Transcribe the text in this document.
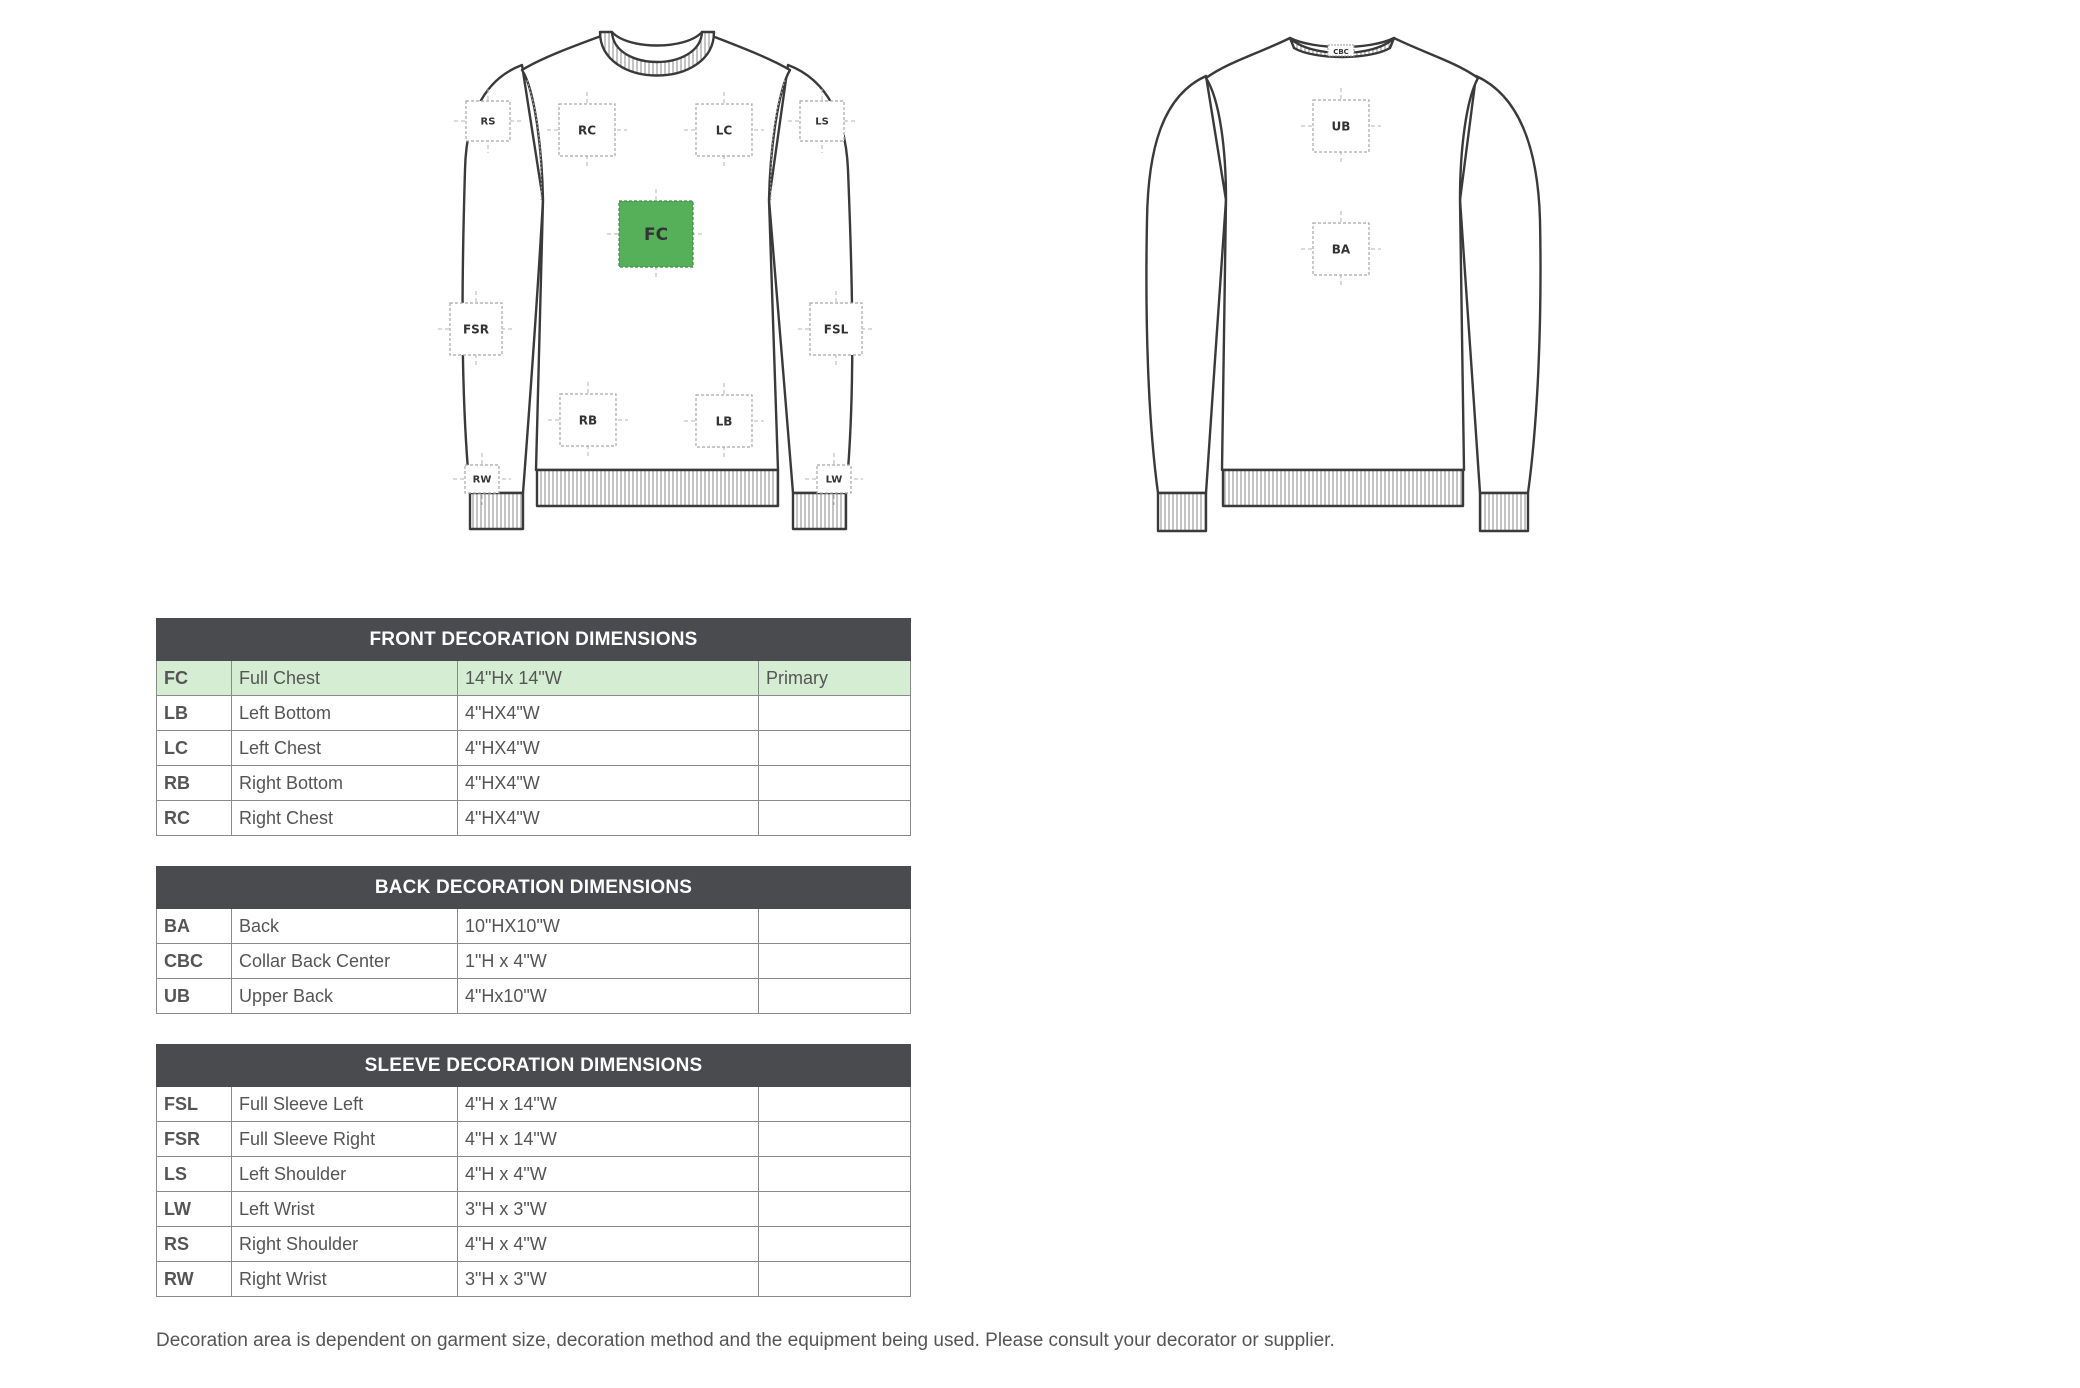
CBC
RS
RC	LC
LS
FC
FSR	FSL
RB	LB
RW	LW
UB
BA
FRONT DECORATION DIMENSIONS			
FC	Full Chest	14"Hx 14"W	Primary
LB	Left Bottom	4"HX4"W	
LC	Left Chest	4"HX4"W	
RB	Right Bottom	4"HX4"W	
RC	Right Chest	4"HX4"W	
BACK DECORATION DIMENSIONS			
BA	Back	10"HX10"W	
CBC	Collar Back Center	1"H x 4"W	
UB	Upper Back	4"Hx10"W	
SLEEVE DECORATION DIMENSIONS			
FSL	Full Sleeve Left	4"H x 14"W	
FSR	Full Sleeve Right	4"H x 14"W	
LS	Left Shoulder	4"H x 4"W	
LW	Left Wrist	3"H x 3"W	
RS	Right Shoulder	4"H x 4"W	
RW	Right Wrist	3"H x 3"W	
Decoration area is dependent on garment size, decoration method and the equipment being used. Please consult your decorator or supplier.
